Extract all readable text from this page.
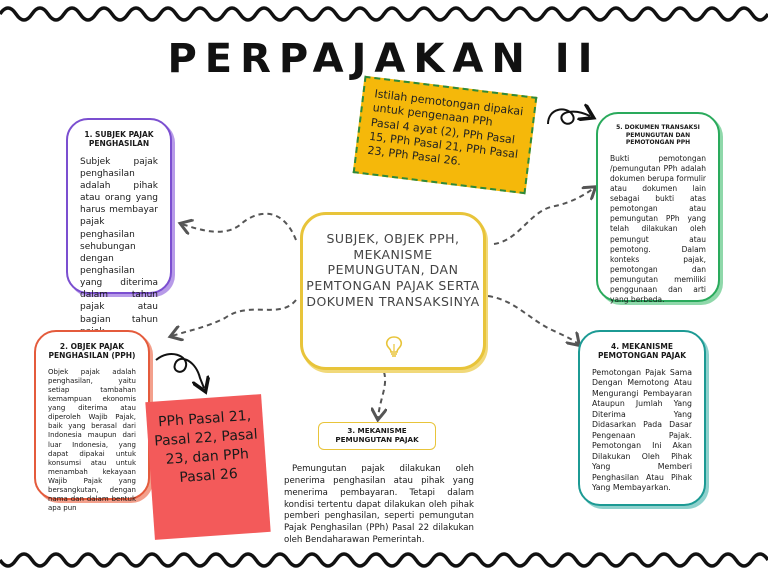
PERPAJAKAN II
1. SUBJEK PAJAK PENGHASILAN
Subjek pajak penghasilan adalah pihak atau orang yang harus membayar pajak penghasilan sehubungan dengan penghasilan yang diterima dalam tahun pajak atau bagian tahun
2. OBJEK PAJAK PENGHASILAN (PPH)
Objek pajak adalah penghasilan, yaitu setiap tambahan kemampuan ekonomis yang diterima atau diperoleh Wajib Pajak, baik yang berasal dari Indonesia maupun dari luar Indonesia, yang dapat dipakai untuk konsumsi atau untuk menambah kekayaan Wajib Pajak yang bersangkutan, dengan nama dan dalam bentuk apa pun
5. DOKUMEN TRANSAKSI PEMUNGUTAN DAN PEMOTONGAN PPH
Bukti pemotongan /pemungutan PPh adalah dokumen berupa formulir atau dokumen lain sebagai bukti atas pemotongan atau pemungutan PPh yang telah dilakukan oleh pemungut atau pemotong. Dalam konteks pajak, pemotongan dan pemungutan memiliki penggunaan dan arti yang berbeda.
4. MEKANISME PEMOTONGAN PAJAK
Pemotongan Pajak Sama Dengan Memotong Atau Mengurangi Pembayaran Ataupun Jumlah Yang Diterima Yang Didasarkan Pada Dasar Pengenaan Pajak. Pemotongan Ini Akan Dilakukan Oleh Pihak Yang Memberi Penghasilan Atau Pihak Yang Membayarkan.
Istilah pemotongan dipakai untuk pengenaan PPh Pasal 4 ayat (2), PPh Pasal 15, PPh Pasal 21, PPh Pasal 23, PPh Pasal 26.
SUBJEK, OBJEK PPH, MEKANISME PEMUNGUTAN, DAN PEMTONGAN PAJAK SERTA DOKUMEN TRANSAKSINYA
PPh Pasal 21, Pasal 22, Pasal 23, dan PPh Pasal 26
3. MEKANISME PEMUNGUTAN PAJAK
Pemungutan pajak dilakukan oleh penerima penghasilan atau pihak yang menerima pembayaran. Tetapi dalam kondisi tertentu dapat dilakukan oleh pihak pemberi penghasilan, seperti pemungutan Pajak Penghasilan (PPh) Pasal 22 dilakukan oleh Bendaharawan Pemerintah.
